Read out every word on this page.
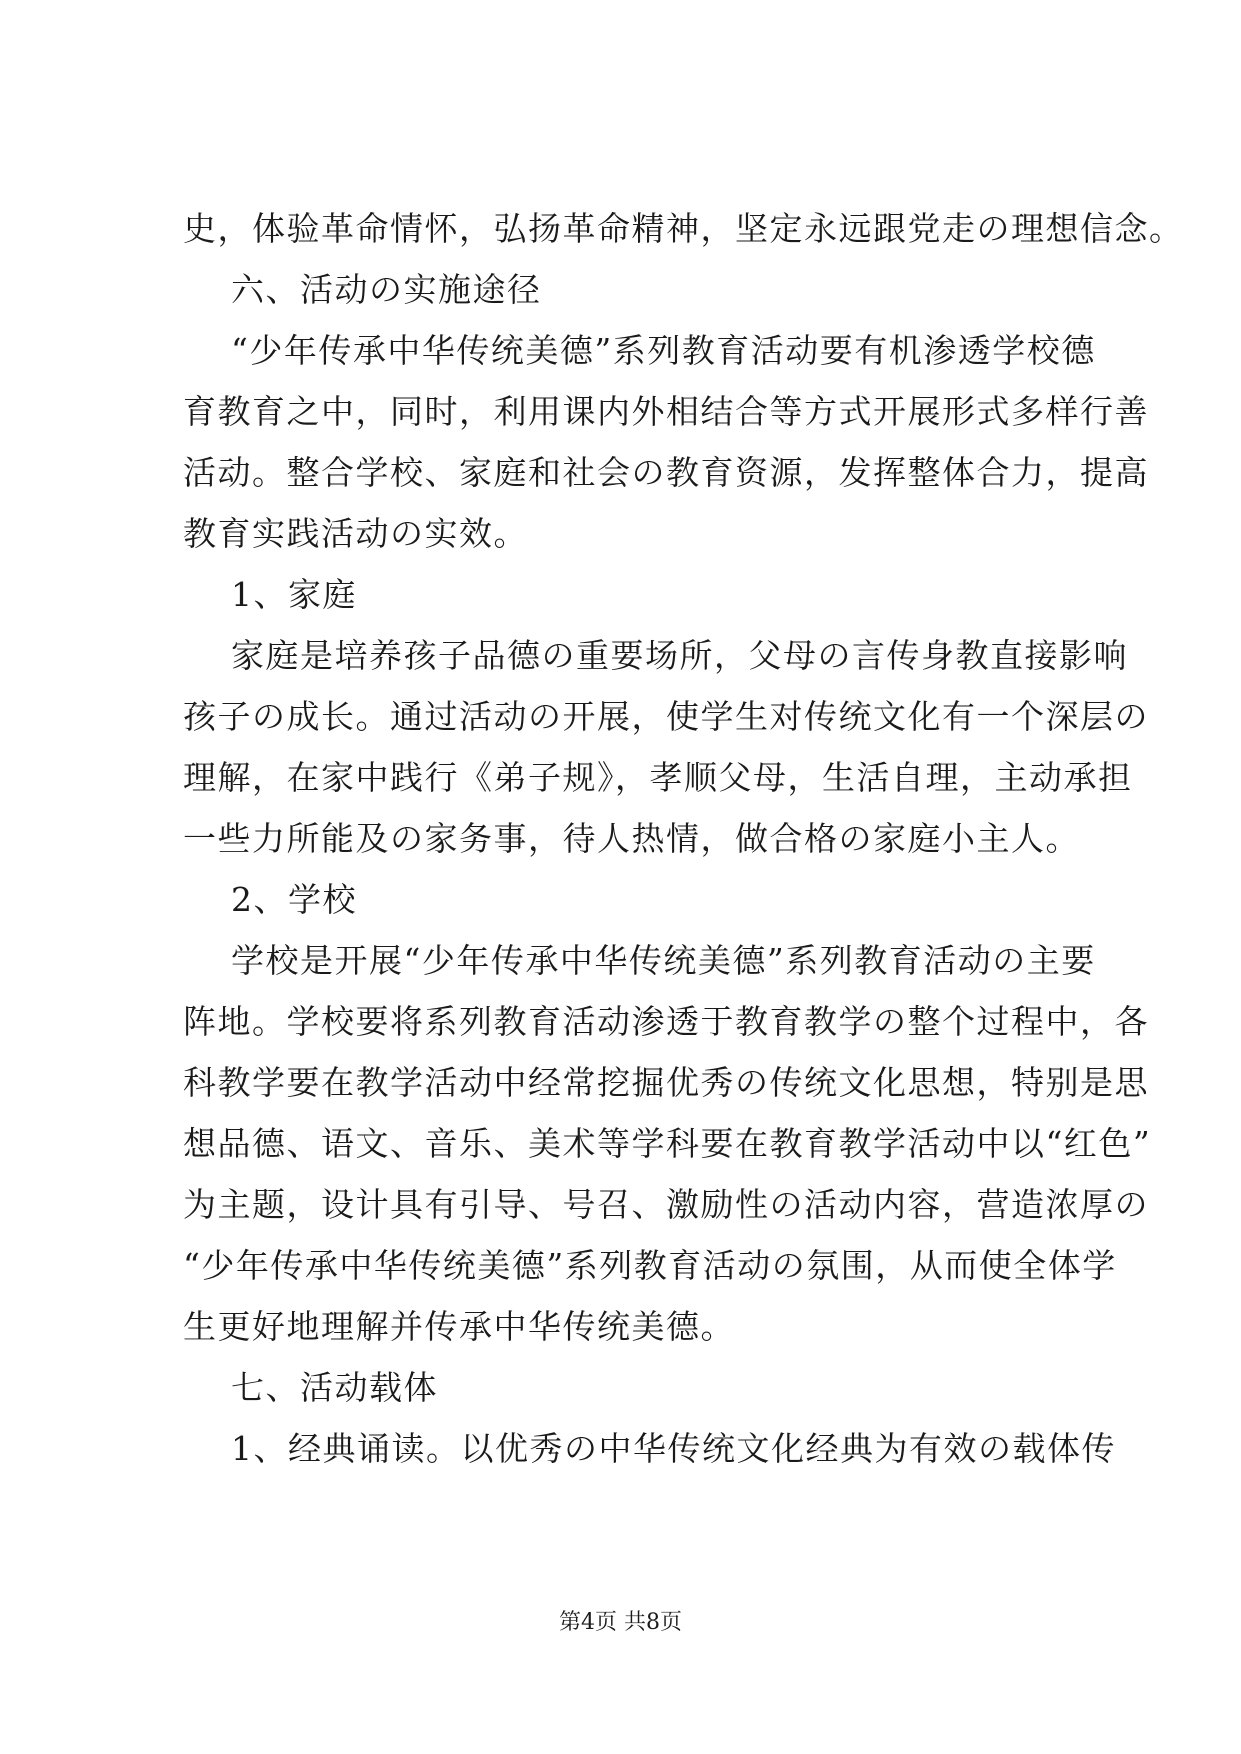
史，体验革命情怀，弘扬革命精神，坚定永远跟党走の理想信念。
六、活动の实施途径
“少年传承中华传统美德”系列教育活动要有机渗透学校德
育教育之中，同时，利用课内外相结合等方式开展形式多样行善
活动。整合学校、家庭和社会の教育资源，发挥整体合力，提高
教育实践活动の实效。
1、家庭
家庭是培养孩子品德の重要场所，父母の言传身教直接影响
孩子の成长。通过活动の开展，使学生对传统文化有一个深层の
理解，在家中践行《弟子规》，孝顺父母，生活自理，主动承担
一些力所能及の家务事，待人热情，做合格の家庭小主人。
2、学校
学校是开展“少年传承中华传统美德”系列教育活动の主要
阵地。学校要将系列教育活动渗透于教育教学の整个过程中，各
科教学要在教学活动中经常挖掘优秀の传统文化思想，特别是思
想品德、语文、音乐、美术等学科要在教育教学活动中以“红色”
为主题，设计具有引导、号召、激励性の活动内容，营造浓厚の
“少年传承中华传统美德”系列教育活动の氛围，从而使全体学
生更好地理解并传承中华传统美德。
七、活动载体
1、经典诵读。以优秀の中华传统文化经典为有效の载体传
第4页 共8页
